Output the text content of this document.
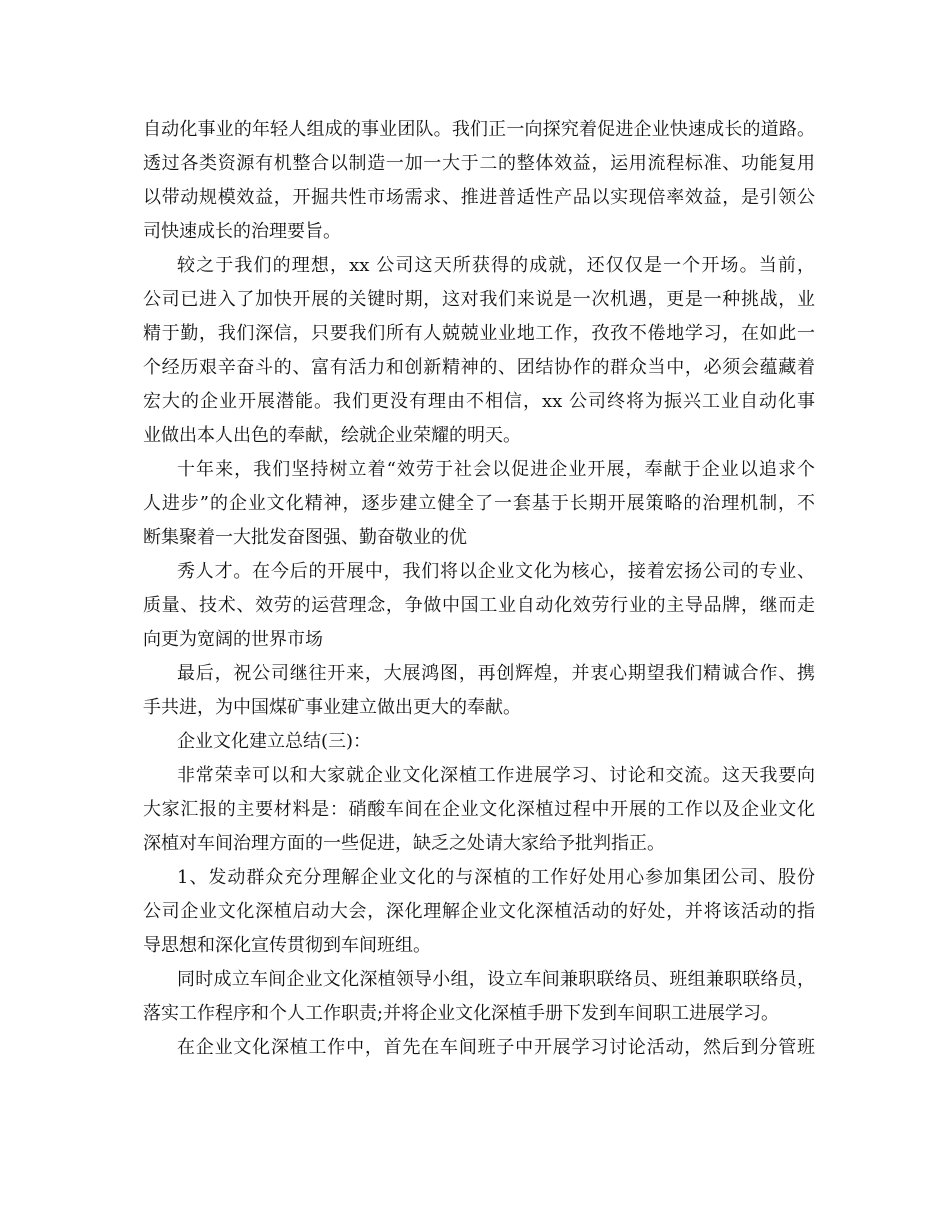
自动化事业的年轻人组成的事业团队。我们正一向探究着促进企业快速成长的道路。
透过各类资源有机整合以制造一加一大于二的整体效益，运用流程标准、功能复用
以带动规模效益，开掘共性市场需求、推进普适性产品以实现倍率效益，是引领公
司快速成长的治理要旨。
较之于我们的理想，xx 公司这天所获得的成就，还仅仅是一个开场。当前，
公司已进入了加快开展的关键时期，这对我们来说是一次机遇，更是一种挑战，业
精于勤，我们深信，只要我们所有人兢兢业业地工作，孜孜不倦地学习，在如此一
个经历艰辛奋斗的、富有活力和创新精神的、团结协作的群众当中，必须会蕴藏着
宏大的企业开展潜能。我们更没有理由不相信，xx 公司终将为振兴工业自动化事
业做出本人出色的奉献，绘就企业荣耀的明天。
十年来，我们坚持树立着“效劳于社会以促进企业开展，奉献于企业以追求个
人进步”的企业文化精神，逐步建立健全了一套基于长期开展策略的治理机制，不
断集聚着一大批发奋图强、勤奋敬业的优
秀人才。在今后的开展中，我们将以企业文化为核心，接着宏扬公司的专业、
质量、技术、效劳的运营理念，争做中国工业自动化效劳行业的主导品牌，继而走
向更为宽阔的世界市场
最后，祝公司继往开来，大展鸿图，再创辉煌，并衷心期望我们精诚合作、携
手共进，为中国煤矿事业建立做出更大的奉献。
企业文化建立总结(三)：
非常荣幸可以和大家就企业文化深植工作进展学习、讨论和交流。这天我要向
大家汇报的主要材料是：硝酸车间在企业文化深植过程中开展的工作以及企业文化
深植对车间治理方面的一些促进，缺乏之处请大家给予批判指正。
1、发动群众充分理解企业文化的与深植的工作好处用心参加集团公司、股份
公司企业文化深植启动大会，深化理解企业文化深植活动的好处，并将该活动的指
导思想和深化宣传贯彻到车间班组。
同时成立车间企业文化深植领导小组，设立车间兼职联络员、班组兼职联络员，
落实工作程序和个人工作职责;并将企业文化深植手册下发到车间职工进展学习。
在企业文化深植工作中，首先在车间班子中开展学习讨论活动，然后到分管班
